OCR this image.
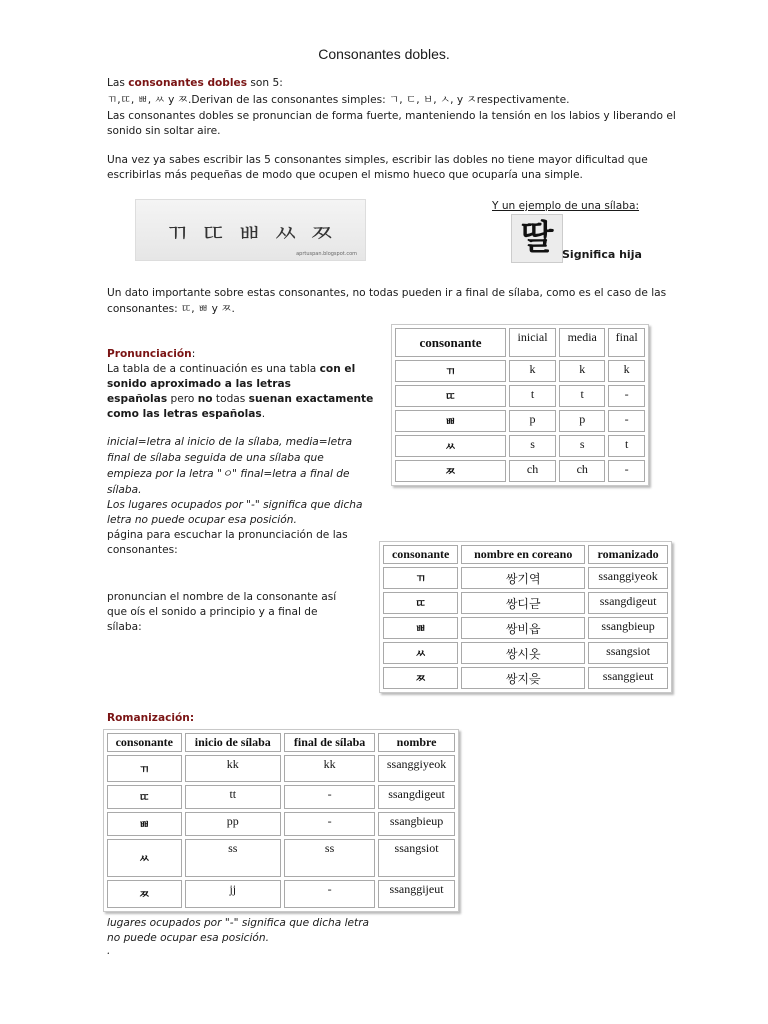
Consonantes dobles.
Las consonantes dobles son 5:
ㄲ,ㄸ, ㅃ, ㅆ y ㅉ.Derivan de las consonantes simples: ㄱ, ㄷ, ㅂ, ㅅ, y ㅈrespectivamente.
Las consonantes dobles se pronuncian de forma fuerte, manteniendo la tensión en los labios y liberando el
sonido sin soltar aire.
Una vez ya sabes escribir las 5 consonantes simples, escribir las dobles no tiene mayor dificultad que
escribirlas más pequeñas de modo que ocupen el mismo hueco que ocuparía una simple.
ㄲ ㄸ ㅃ ㅆ ㅉ
aprtuspan.blogspot.com
Y un ejemplo de una sílaba:
딸 Significa hija
Un dato importante sobre estas consonantes, no todas pueden ir a final de sílaba, como es el caso de las
consonantes: ㄸ, ㅃ y ㅉ.
Pronunciación:
La tabla de a continuación es una tabla con el
sonido aproximado a las letras
españolas pero no todas suenan exactamente
como las letras españolas.
inicial=letra al inicio de la sílaba, media=letra
final de sílaba seguida de una sílaba que
empieza por la letra "ㅇ" final=letra a final de
sílaba.
Los lugares ocupados por "-" significa que dicha
letra no puede ocupar esa posición.
página para escuchar la pronunciación de las
consonantes:
pronuncian el nombre de la consonante así
que oís el sonido a principio y a final de
sílaba:
consonante	inicial	media	final
ㄲ	k	k	k
ㄸ	t	t	-
ㅃ	p	p	-
ㅆ	s	s	t
ㅉ	ch	ch	-
consonante	nombre en coreano	romanizado
ㄲ	쌍기역	ssanggiyeok
ㄸ	쌍디귿	ssangdigeut
ㅃ	쌍비읍	ssangbieup
ㅆ	쌍시옷	ssangsiot
ㅉ	쌍지읒	ssanggieut
Romanización:
consonante	inicio de sílaba	final de sílaba	nombre
ㄲ	kk	kk	ssanggiyeok
ㄸ	tt	-	ssangdigeut
ㅃ	pp	-	ssangbieup
ㅆ	ss	ss	ssangsiot
ㅉ	jj	-	ssanggijeut
lugares ocupados por "-" significa que dicha letra
no puede ocupar esa posición.
.
